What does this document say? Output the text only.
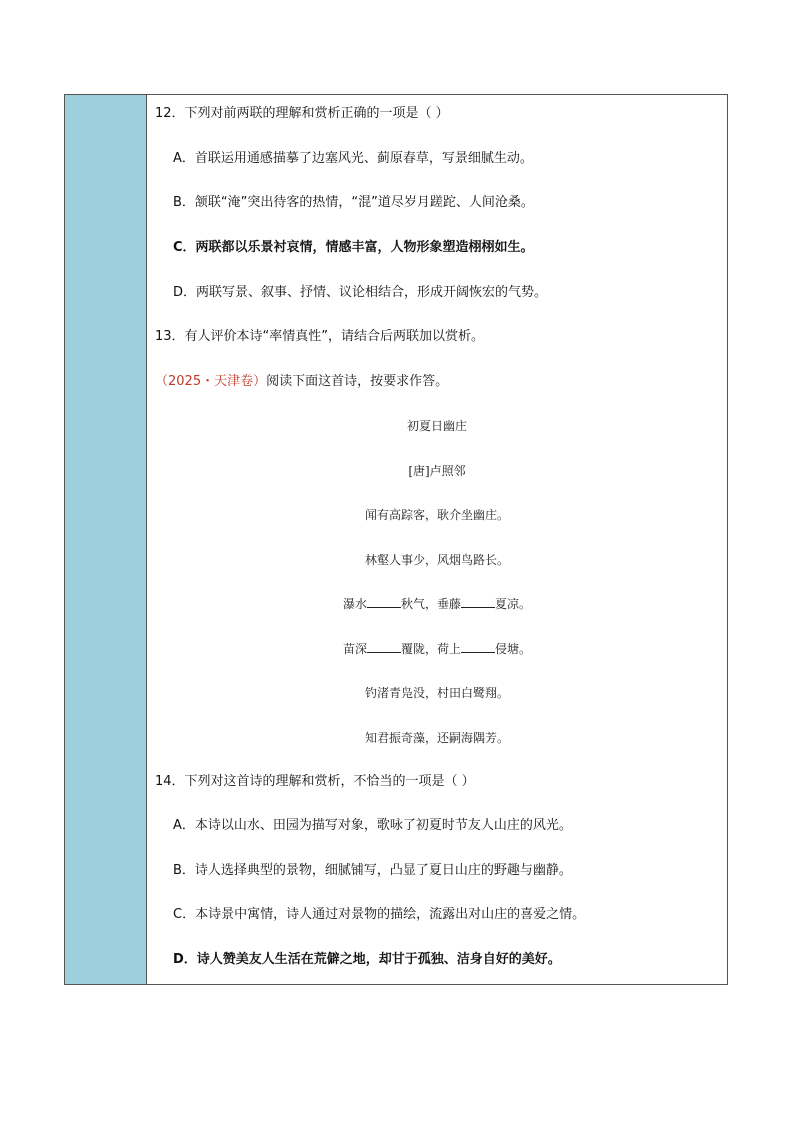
12．下列对前两联的理解和赏析正确的一项是（ ）
A．首联运用通感描摹了边塞风光、蓟原春草，写景细腻生动。
B．颔联“淹”突出待客的热情，“混”道尽岁月蹉跎、人间沧桑。
C．两联都以乐景衬哀情，情感丰富，人物形象塑造栩栩如生。
D．两联写景、叙事、抒情、议论相结合，形成开阔恢宏的气势。
13．有人评价本诗“率情真性”，请结合后两联加以赏析。
（2025・天津卷）阅读下面这首诗，按要求作答。
初夏日幽庄
[唐]卢照邻
闻有高踪客，耿介坐幽庄。
林壑人事少，风烟鸟路长。
瀑水	秋气，垂藤	夏凉。
苗深	覆陇，荷上	侵塘。
钓渚青凫没，村田白鹭翔。
知君振奇藻，还嗣海隅芳。
14．下列对这首诗的理解和赏析，不恰当的一项是（ ）
A．本诗以山水、田园为描写对象，歌咏了初夏时节友人山庄的风光。
B．诗人选择典型的景物，细腻铺写，凸显了夏日山庄的野趣与幽静。
C．本诗景中寓情，诗人通过对景物的描绘，流露出对山庄的喜爱之情。
D．诗人赞美友人生活在荒僻之地，却甘于孤独、洁身自好的美好。
